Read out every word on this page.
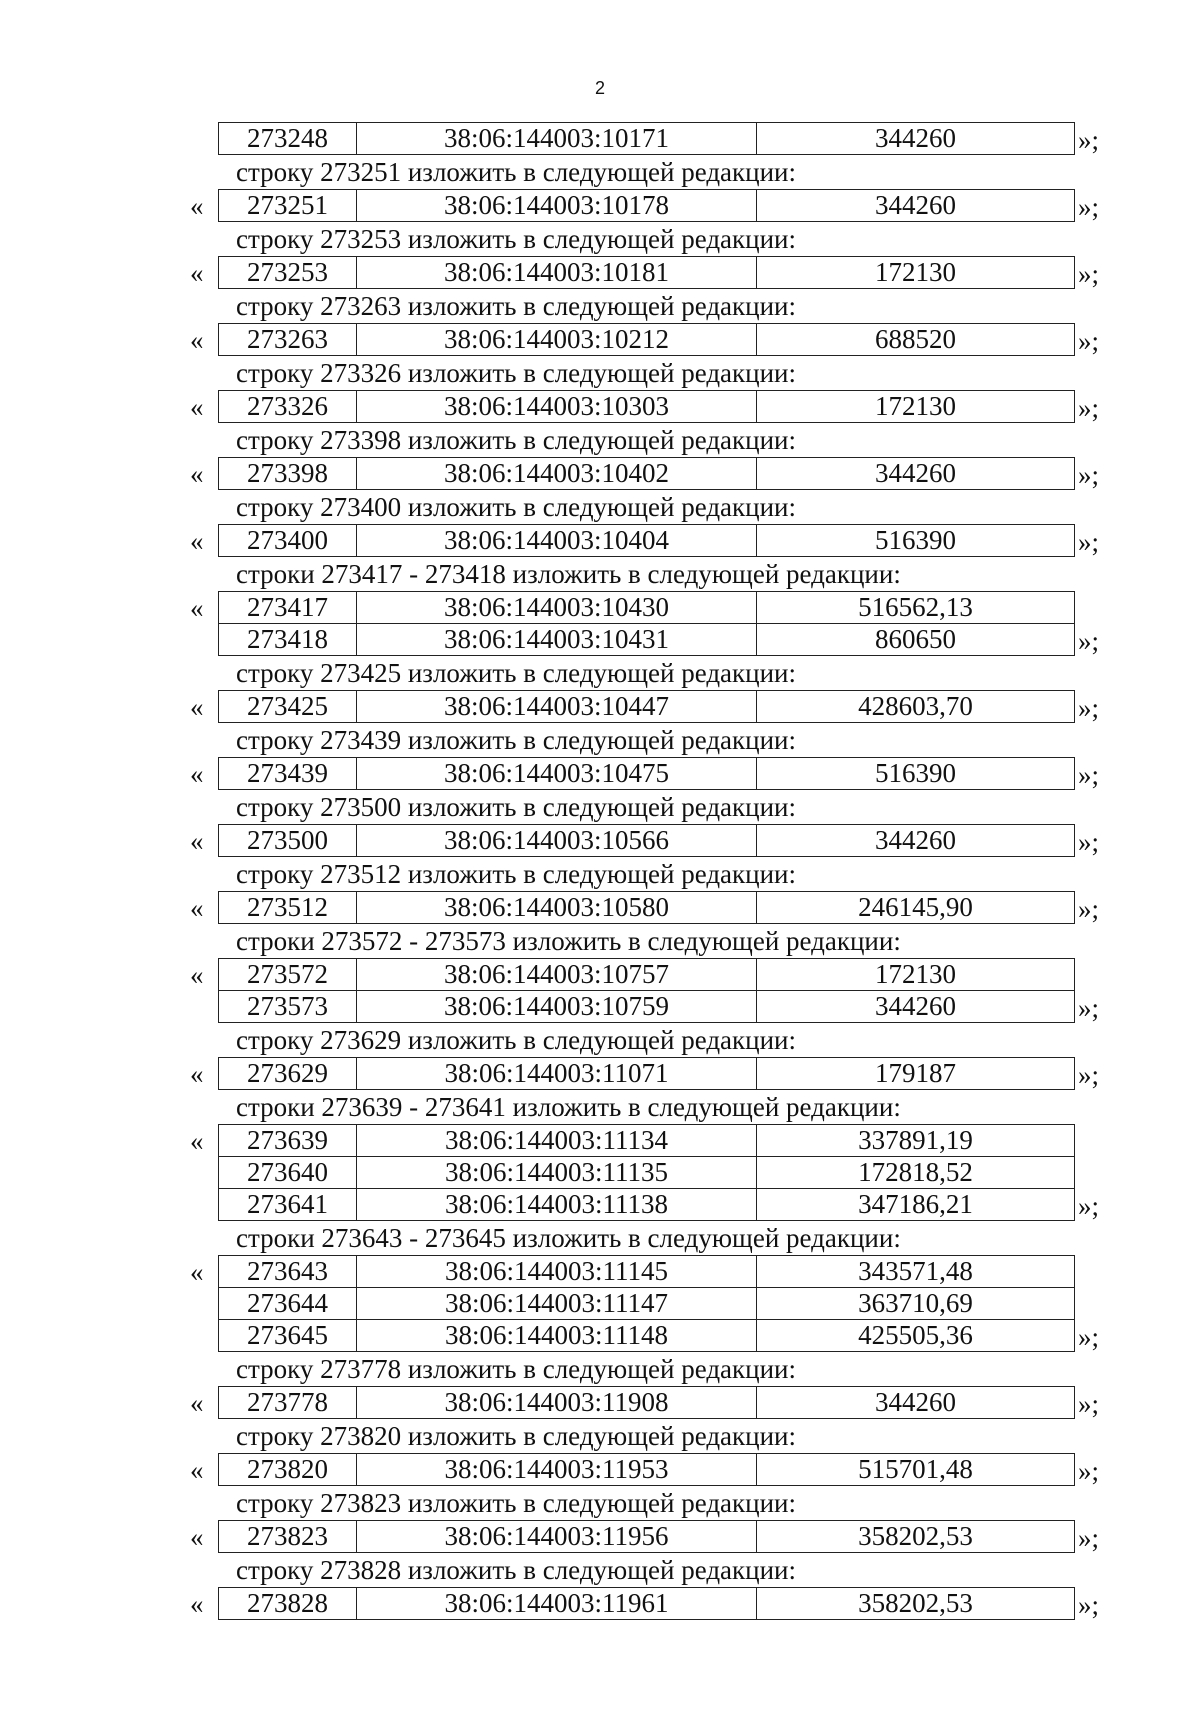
2
273248	38:06:144003:10171	344260	»;
строку 273251 изложить в следующей редакции:
« 273251	38:06:144003:10178	344260	»;
строку 273253 изложить в следующей редакции:
« 273253	38:06:144003:10181	172130	»;
строку 273263 изложить в следующей редакции:
« 273263	38:06:144003:10212	688520	»;
строку 273326 изложить в следующей редакции:
« 273326	38:06:144003:10303	172130	»;
строку 273398 изложить в следующей редакции:
« 273398	38:06:144003:10402	344260	»;
строку 273400 изложить в следующей редакции:
« 273400	38:06:144003:10404	516390	»;
строки 273417 - 273418 изложить в следующей редакции:
« 273417	38:06:144003:10430	516562,13
273418	38:06:144003:10431	860650	»;
строку 273425 изложить в следующей редакции:
« 273425	38:06:144003:10447	428603,70	»;
строку 273439 изложить в следующей редакции:
« 273439	38:06:144003:10475	516390	»;
строку 273500 изложить в следующей редакции:
« 273500	38:06:144003:10566	344260	»;
строку 273512 изложить в следующей редакции:
« 273512	38:06:144003:10580	246145,90	»;
строки 273572 - 273573 изложить в следующей редакции:
« 273572	38:06:144003:10757	172130
273573	38:06:144003:10759	344260	»;
строку 273629 изложить в следующей редакции:
« 273629	38:06:144003:11071	179187	»;
строки 273639 - 273641 изложить в следующей редакции:
« 273639	38:06:144003:11134	337891,19
273640	38:06:144003:11135	172818,52
273641	38:06:144003:11138	347186,21	»;
строки 273643 - 273645 изложить в следующей редакции:
« 273643	38:06:144003:11145	343571,48
273644	38:06:144003:11147	363710,69
273645	38:06:144003:11148	425505,36	»;
строку 273778 изложить в следующей редакции:
« 273778	38:06:144003:11908	344260	»;
строку 273820 изложить в следующей редакции:
« 273820	38:06:144003:11953	515701,48	»;
строку 273823 изложить в следующей редакции:
« 273823	38:06:144003:11956	358202,53	»;
строку 273828 изложить в следующей редакции:
« 273828	38:06:144003:11961	358202,53	»;
